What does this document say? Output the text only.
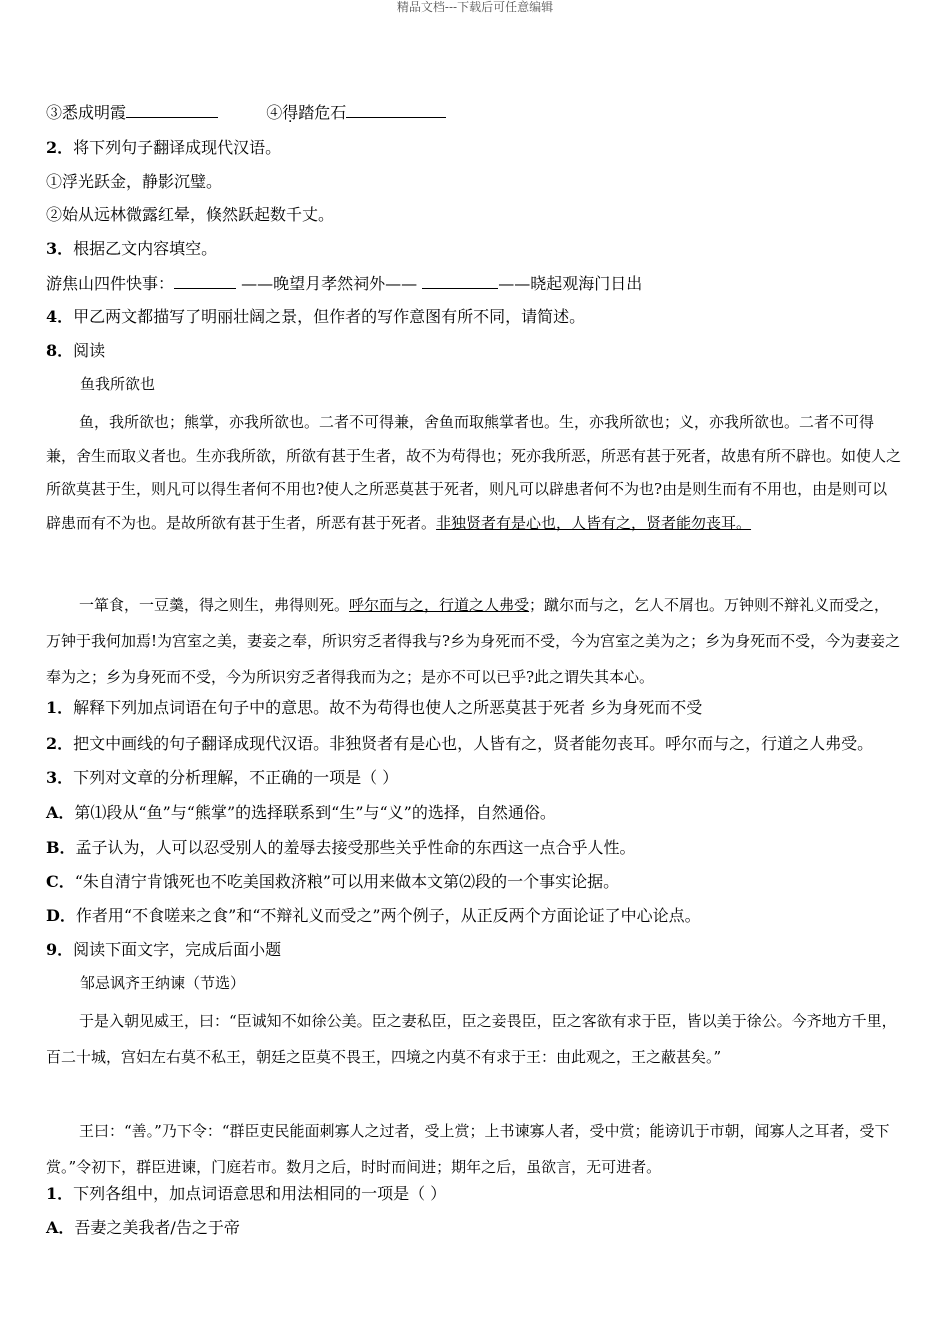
精品文档---下载后可任意编辑
③悉成明霞	④得踏危石
2．将下列句子翻译成现代汉语。
①浮光跃金，静影沉璧。
②始从远林微露红晕，倏然跃起数千丈。
3．根据乙文内容填空。
游焦山四件快事：	——晚望月孝然祠外——	——晓起观海门日出
4．甲乙两文都描写了明丽壮阔之景，但作者的写作意图有所不同，请简述。
8．阅读
鱼我所欲也
鱼，我所欲也；熊掌，亦我所欲也。二者不可得兼，舍鱼而取熊掌者也。生，亦我所欲也；义，亦我所欲也。二者不可得兼，舍生而取义者也。生亦我所欲，所欲有甚于生者，故不为苟得也；死亦我所恶，所恶有甚于死者，故患有所不辟也。如使人之所欲莫甚于生，则凡可以得生者何不用也?使人之所恶莫甚于死者，则凡可以辟患者何不为也?由是则生而有不用也，由是则可以辟患而有不为也。是故所欲有甚于生者，所恶有甚于死者。非独贤者有是心也，人皆有之，贤者能勿丧耳。
一箪食，一豆羹，得之则生，弗得则死。呼尔而与之，行道之人弗受；蹴尔而与之，乞人不屑也。万钟则不辩礼义而受之，万钟于我何加焉!为宫室之美，妻妾之奉，所识穷乏者得我与?乡为身死而不受，今为宫室之美为之；乡为身死而不受，今为妻妾之奉为之；乡为身死而不受，今为所识穷乏者得我而为之；是亦不可以已乎?此之谓失其本心。
1．解释下列加点词语在句子中的意思。故不为苟得也使人之所恶莫甚于死者 乡为身死而不受
2．把文中画线的句子翻译成现代汉语。非独贤者有是心也，人皆有之，贤者能勿丧耳。呼尔而与之，行道之人弗受。
3．下列对文章的分析理解，不正确的一项是（ ）
A．第⑴段从“鱼”与“熊掌”的选择联系到“生”与“义”的选择，自然通俗。
B．孟子认为，人可以忍受别人的羞辱去接受那些关乎性命的东西这一点合乎人性。
C．“朱自清宁肯饿死也不吃美国救济粮”可以用来做本文第⑵段的一个事实论据。
D．作者用“不食嗟来之食”和“不辩礼义而受之”两个例子，从正反两个方面论证了中心论点。
9．阅读下面文字，完成后面小题
邹忌讽齐王纳谏（节选）
于是入朝见威王，曰：“臣诚知不如徐公美。臣之妻私臣，臣之妾畏臣，臣之客欲有求于臣，皆以美于徐公。今齐地方千里，百二十城，宫妇左右莫不私王，朝廷之臣莫不畏王，四境之内莫不有求于王：由此观之，王之蔽甚矣。”
王曰：“善。”乃下令：“群臣吏民能面刺寡人之过者，受上赏；上书谏寡人者，受中赏；能谤讥于市朝，闻寡人之耳者，受下赏。”令初下，群臣进谏，门庭若市。数月之后，时时而间进；期年之后，虽欲言，无可进者。
1．下列各组中，加点词语意思和用法相同的一项是（ ）
A．吾妻之美我者/告之于帝
